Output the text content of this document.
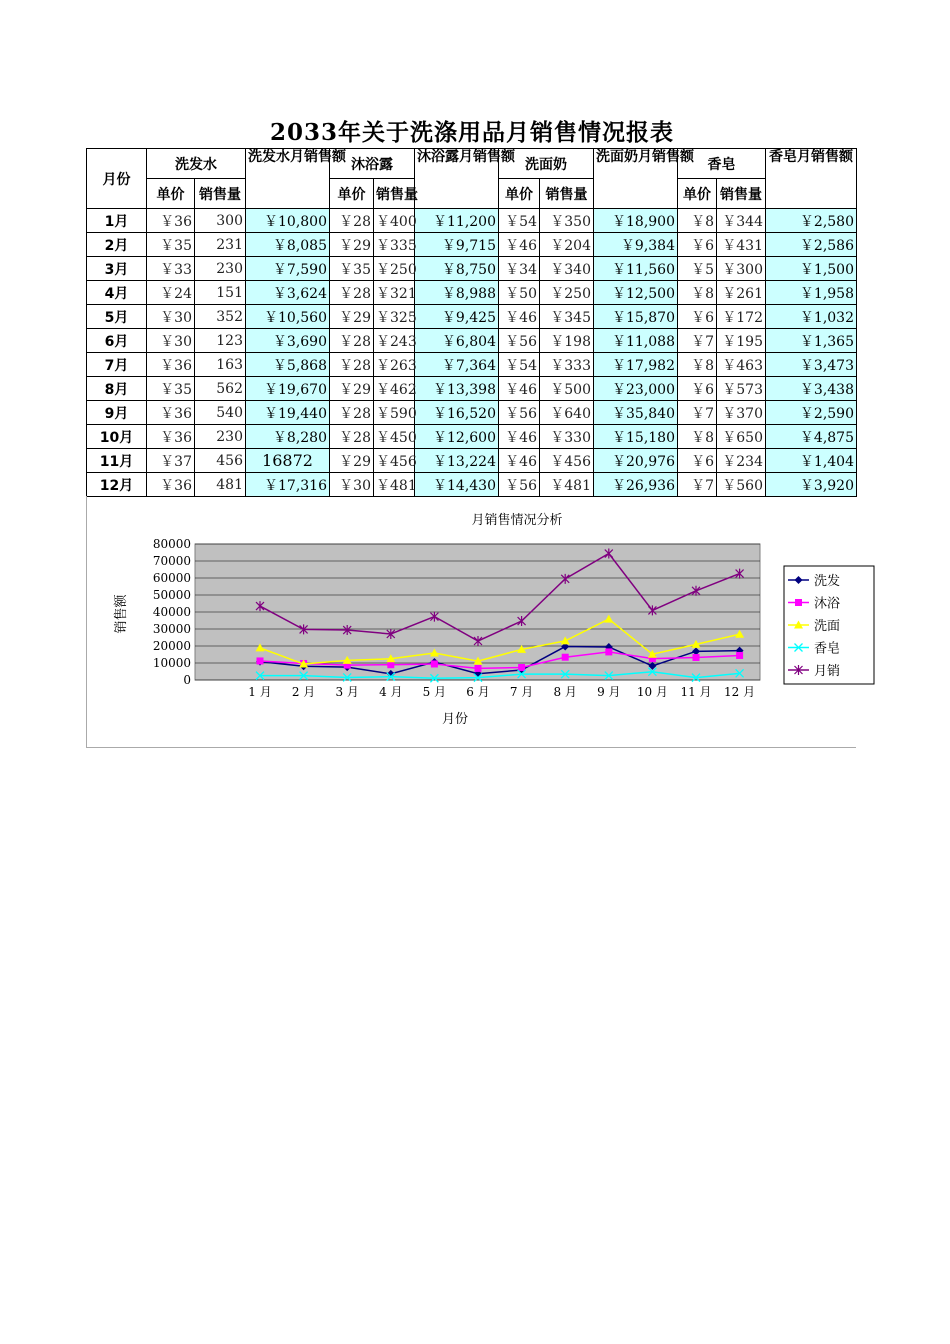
2033年关于洗涤用品月销售情况报表
月份	洗发水		洗发水月销售额	沐浴露		沐浴露月销售额	洗面奶		洗面奶月销售额	香皂		香皂月销售额
	单价	销售量		单价	销售量		单价	销售量		单价	销售量	
1月	￥36	300	￥10,800	￥28	￥400	￥11,200	￥54	￥350	￥18,900	￥8	￥344	￥2,580
2月	￥35	231	￥8,085	￥29	￥335	￥9,715	￥46	￥204	￥9,384	￥6	￥431	￥2,586
3月	￥33	230	￥7,590	￥35	￥250	￥8,750	￥34	￥340	￥11,560	￥5	￥300	￥1,500
4月	￥24	151	￥3,624	￥28	￥321	￥8,988	￥50	￥250	￥12,500	￥8	￥261	￥1,958
5月	￥30	352	￥10,560	￥29	￥325	￥9,425	￥46	￥345	￥15,870	￥6	￥172	￥1,032
6月	￥30	123	￥3,690	￥28	￥243	￥6,804	￥56	￥198	￥11,088	￥7	￥195	￥1,365
7月	￥36	163	￥5,868	￥28	￥263	￥7,364	￥54	￥333	￥17,982	￥8	￥463	￥3,473
8月	￥35	562	￥19,670	￥29	￥462	￥13,398	￥46	￥500	￥23,000	￥6	￥573	￥3,438
9月	￥36	540	￥19,440	￥28	￥590	￥16,520	￥56	￥640	￥35,840	￥7	￥370	￥2,590
10月	￥36	230	￥8,280	￥28	￥450	￥12,600	￥46	￥330	￥15,180	￥8	￥650	￥4,875
11月	￥37	456	16872	￥29	￥456	￥13,224	￥46	￥456	￥20,976	￥6	￥234	￥1,404
12月	￥36	481	￥17,316	￥30	￥481	￥14,430	￥56	￥481	￥26,936	￥7	￥560	￥3,920
月销售情况分析
0
10000
20000
30000
40000
50000
60000
70000
80000
1 月 2 月 3 月 4 月 5 月 6 月 7 月 8 月 9 月 10 月 11 月 12 月
销售额
月份
洗发
沐浴
洗面
香皂
月销
